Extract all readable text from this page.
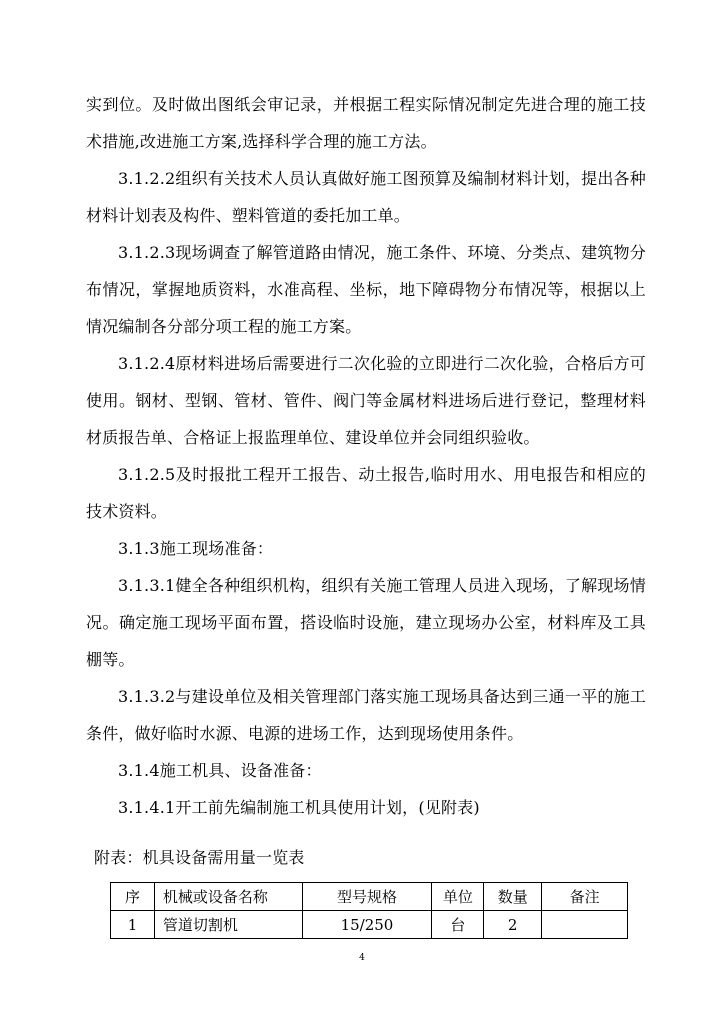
实到位。及时做出图纸会审记录，并根据工程实际情况制定先进合理的施工技术措施,改进施工方案,选择科学合理的施工方法。

3.1.2.2组织有关技术人员认真做好施工图预算及编制材料计划，提出各种材料计划表及构件、塑料管道的委托加工单。

3.1.2.3现场调查了解管道路由情况，施工条件、环境、分类点、建筑物分布情况，掌握地质资料，水准高程、坐标，地下障碍物分布情况等，根据以上情况编制各分部分项工程的施工方案。

3.1.2.4原材料进场后需要进行二次化验的立即进行二次化验，合格后方可使用。钢材、型钢、管材、管件、阀门等金属材料进场后进行登记，整理材料材质报告单、合格证上报监理单位、建设单位并会同组织验收。

3.1.2.5及时报批工程开工报告、动土报告,临时用水、用电报告和相应的技术资料。

3.1.3施工现场准备：

3.1.3.1健全各种组织机构，组织有关施工管理人员进入现场，了解现场情况。确定施工现场平面布置，搭设临时设施，建立现场办公室，材料库及工具棚等。

3.1.3.2与建设单位及相关管理部门落实施工现场具备达到三通一平的施工条件，做好临时水源、电源的进场工作，达到现场使用条件。

3.1.4施工机具、设备准备：

3.1.4.1开工前先编制施工机具使用计划，(见附表)

附表：机具设备需用量一览表
序	机械或设备名称	型号规格	单位	数量	备注
1	管道切割机	15/250	台	2	
4
